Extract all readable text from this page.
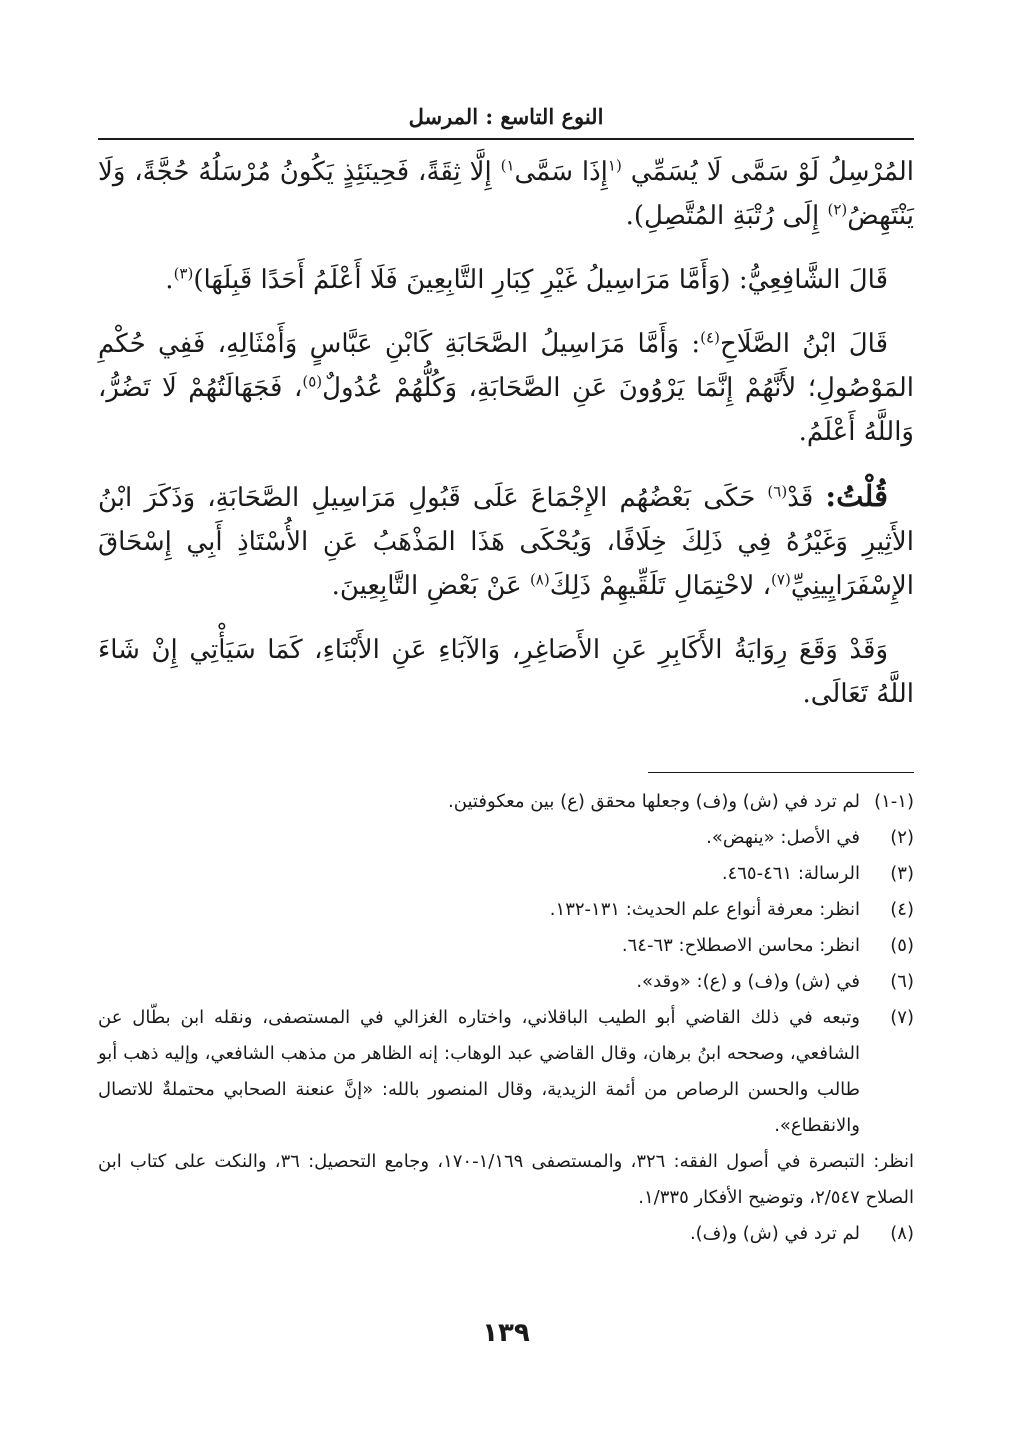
النوع التاسع : المرسل

المُرْسِلُ لَوْ سَمَّى لَا يُسَمِّي $^{(١}$إِذَا سَمَّى$^{١)}$ إِلَّا ثِقَةً، فَحِينَئِذٍ يَكُونُ مُرْسَلُهُ حُجَّةً، وَلَا يَنْتَهِضُ$^{(٢)}$ إِلَى رُتْبَةِ المُتَّصِلِ).

قَالَ الشَّافِعِيُّ: (وَأَمَّا مَرَاسِيلُ غَيْرِ كِبَارِ التَّابِعِينَ فَلَا أَعْلَمُ أَحَدًا قَبِلَهَا)$^{(٣)}$.

قَالَ ابْنُ الصَّلَاحِ$^{(٤)}$: وَأَمَّا مَرَاسِيلُ الصَّحَابَةِ كَابْنِ عَبَّاسٍ وَأَمْثَالِهِ، فَفِي حُكْمِ المَوْصُولِ؛ لأَنَّهُمْ إِنَّمَا يَرْوُونَ عَنِ الصَّحَابَةِ، وَكُلُّهُمْ عُدُولٌ$^{(٥)}$، فَجَهَالَتُهُمْ لَا تَضُرُّ، وَاللَّهُ أَعْلَمُ.

قُلْتُ: قَدْ$^{(٦)}$ حَكَى بَعْضُهُم الإِجْمَاعَ عَلَى قَبُولِ مَرَاسِيلِ الصَّحَابَةِ، وَذَكَرَ ابْنُ الأَثِيرِ وَغَيْرُهُ فِي ذَلِكَ خِلَافًا، وَيُحْكَى هَذَا المَذْهَبُ عَنِ الأُسْتَاذِ أَبِي إِسْحَاقَ الإِسْفَرَايِينِيِّ$^{(٧)}$، لاحْتِمَالِ تَلَقِّيهِمْ ذَلِكَ$^{(٨)}$ عَنْ بَعْضِ التَّابِعِينَ.

وَقَدْ وَقَعَ رِوَايَةُ الأَكَابِرِ عَنِ الأَصَاغِرِ، وَالآبَاءِ عَنِ الأَبْنَاءِ، كَمَا سَيَأْتِي إِنْ شَاءَ اللَّهُ تَعَالَى.

(١-١)
لم ترد في (ش) و(ف) وجعلها محقق (ع) بين معكوفتين.
(٢)
في الأصل: «ينهض».
(٣)
الرسالة: ٤٦١-٤٦٥.
(٤)
انظر: معرفة أنواع علم الحديث: ١٣١-١٣٢.
(٥)
انظر: محاسن الاصطلاح: ٦٣-٦٤.
(٦)
في (ش) و(ف) و (ع): «وقد».
(٧)
وتبعه في ذلك القاضي أبو الطيب الباقلاني، واختاره الغزالي في المستصفى، ونقله ابن بطّال عن الشافعي، وصححه ابنُ برهان، وقال القاضي عبد الوهاب: إنه الظاهر من مذهب الشافعي، وإليه ذهب أبو طالب والحسن الرصاص من أئمة الزيدية، وقال المنصور بالله: «إنَّ عنعنة الصحابي محتملةٌ للاتصال والانقطاع».
انظر: التبصرة في أصول الفقه: ٣٢٦، والمستصفى ١/١٦٩-١٧٠، وجامع التحصيل: ٣٦، والنكت على كتاب ابن الصلاح ٢/٥٤٧، وتوضيح الأفكار ١/٣٣٥.
(٨)
لم ترد في (ش) و(ف).
١٣٩
